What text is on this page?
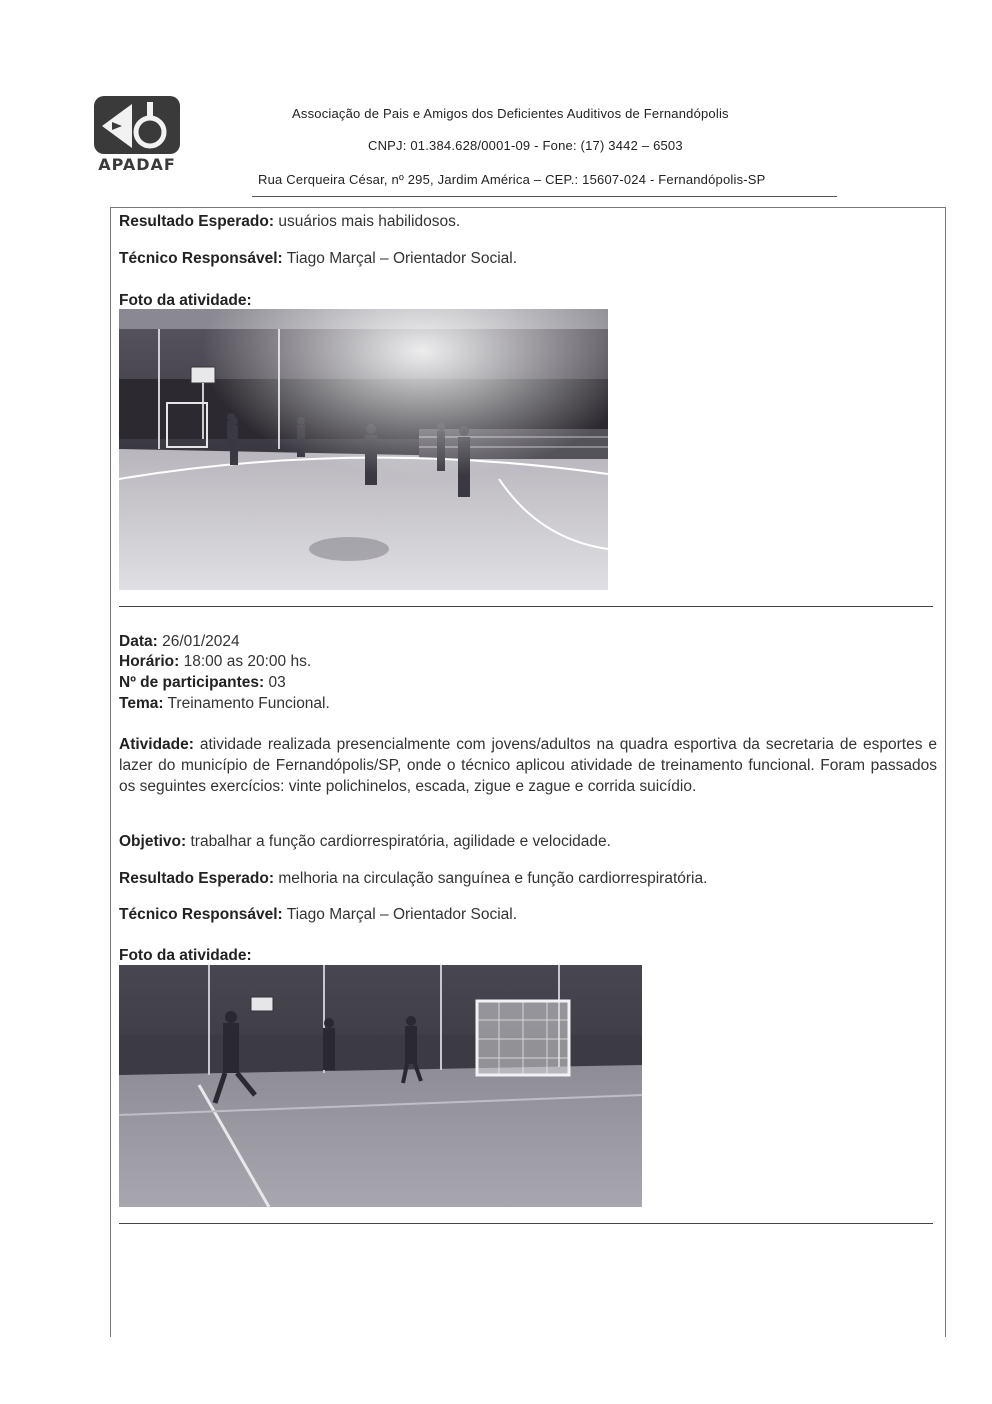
APADAF
Associação de Pais e Amigos dos Deficientes Auditivos de Fernandópolis
CNPJ: 01.384.628/0001-09 - Fone: (17) 3442 – 6503
Rua Cerqueira César, nº 295, Jardim América – CEP.: 15607-024 - Fernandópolis-SP
Resultado Esperado: usuários mais habilidosos.
Técnico Responsável: Tiago Marçal – Orientador Social.
Foto da atividade:
Data: 26/01/2024
Horário: 18:00 as 20:00 hs.
Nº de participantes: 03
Tema: Treinamento Funcional.
Atividade: atividade realizada presencialmente com jovens/adultos na quadra esportiva da secretaria de esportes e lazer do município de Fernandópolis/SP, onde o técnico aplicou atividade de treinamento funcional. Foram passados os seguintes exercícios: vinte polichinelos, escada, zigue e zague e corrida suicídio.
Objetivo: trabalhar a função cardiorrespiratória, agilidade e velocidade.
Resultado Esperado: melhoria na circulação sanguínea e função cardiorrespiratória.
Técnico Responsável: Tiago Marçal – Orientador Social.
Foto da atividade:
